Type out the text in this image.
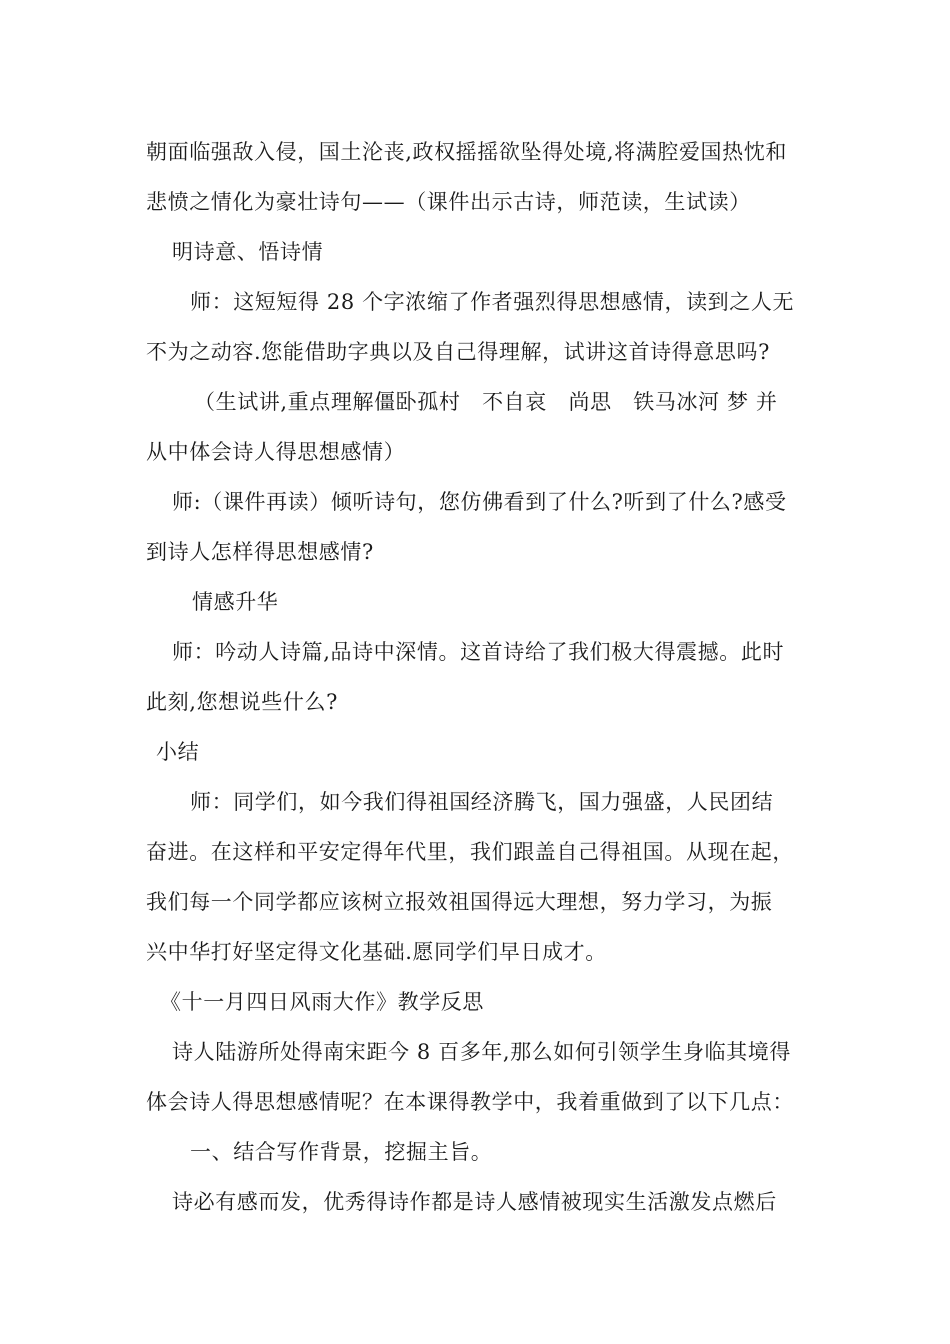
朝面临强敌入侵，国土沦丧,政权摇摇欲坠得处境,将满腔爱国热忱和
悲愤之情化为豪壮诗句——（课件出示古诗，师范读，生试读）
明诗意、悟诗情
师：这短短得 28 个字浓缩了作者强烈得思想感情，读到之人无
不为之动容.您能借助字典以及自己得理解，试讲这首诗得意思吗?
（生试讲,重点理解僵卧孤村　不自哀　尚思　铁马冰河 梦 并
从中体会诗人得思想感情）
师:（课件再读）倾听诗句，您仿佛看到了什么?听到了什么?感受
到诗人怎样得思想感情?
情感升华
师：吟动人诗篇,品诗中深情。这首诗给了我们极大得震撼。此时
此刻,您想说些什么?
小结
师：同学们，如今我们得祖国经济腾飞，国力强盛，人民团结
奋进。在这样和平安定得年代里，我们跟盖自己得祖国。从现在起，
我们每一个同学都应该树立报效祖国得远大理想，努力学习，为振
兴中华打好坚定得文化基础.愿同学们早日成才。
《十一月四日风雨大作》教学反思
诗人陆游所处得南宋距今 8 百多年,那么如何引领学生身临其境得
体会诗人得思想感情呢？在本课得教学中，我着重做到了以下几点：
一、结合写作背景，挖掘主旨。
诗必有感而发，优秀得诗作都是诗人感情被现实生活激发点燃后
